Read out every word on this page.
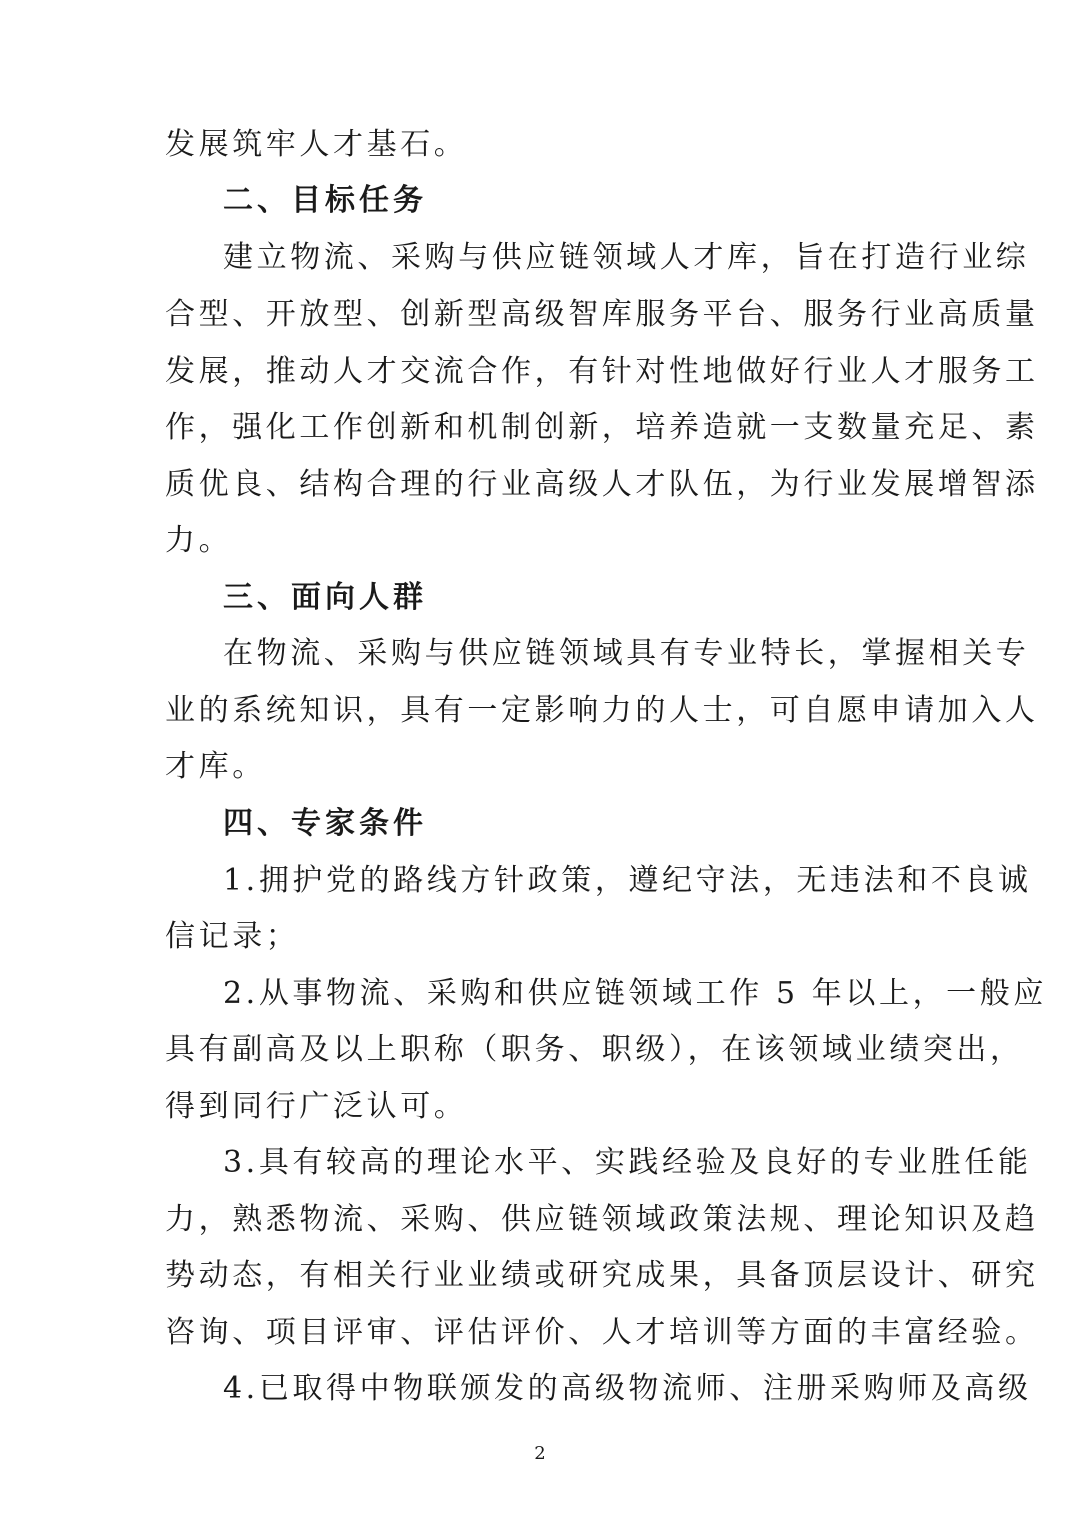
发展筑牢人才基石。
二、目标任务
建立物流、采购与供应链领域人才库，旨在打造行业综
合型、开放型、创新型高级智库服务平台、服务行业高质量
发展，推动人才交流合作，有针对性地做好行业人才服务工
作，强化工作创新和机制创新，培养造就一支数量充足、素
质优良、结构合理的行业高级人才队伍，为行业发展增智添
力。
三、面向人群
在物流、采购与供应链领域具有专业特长，掌握相关专
业的系统知识，具有一定影响力的人士，可自愿申请加入人
才库。
四、专家条件
1.拥护党的路线方针政策，遵纪守法，无违法和不良诚
信记录；
2.从事物流、采购和供应链领域工作 5 年以上，一般应
具有副高及以上职称（职务、职级），在该领域业绩突出，
得到同行广泛认可。
3.具有较高的理论水平、实践经验及良好的专业胜任能
力，熟悉物流、采购、供应链领域政策法规、理论知识及趋
势动态，有相关行业业绩或研究成果，具备顶层设计、研究
咨询、项目评审、评估评价、人才培训等方面的丰富经验。
4.已取得中物联颁发的高级物流师、注册采购师及高级
2
